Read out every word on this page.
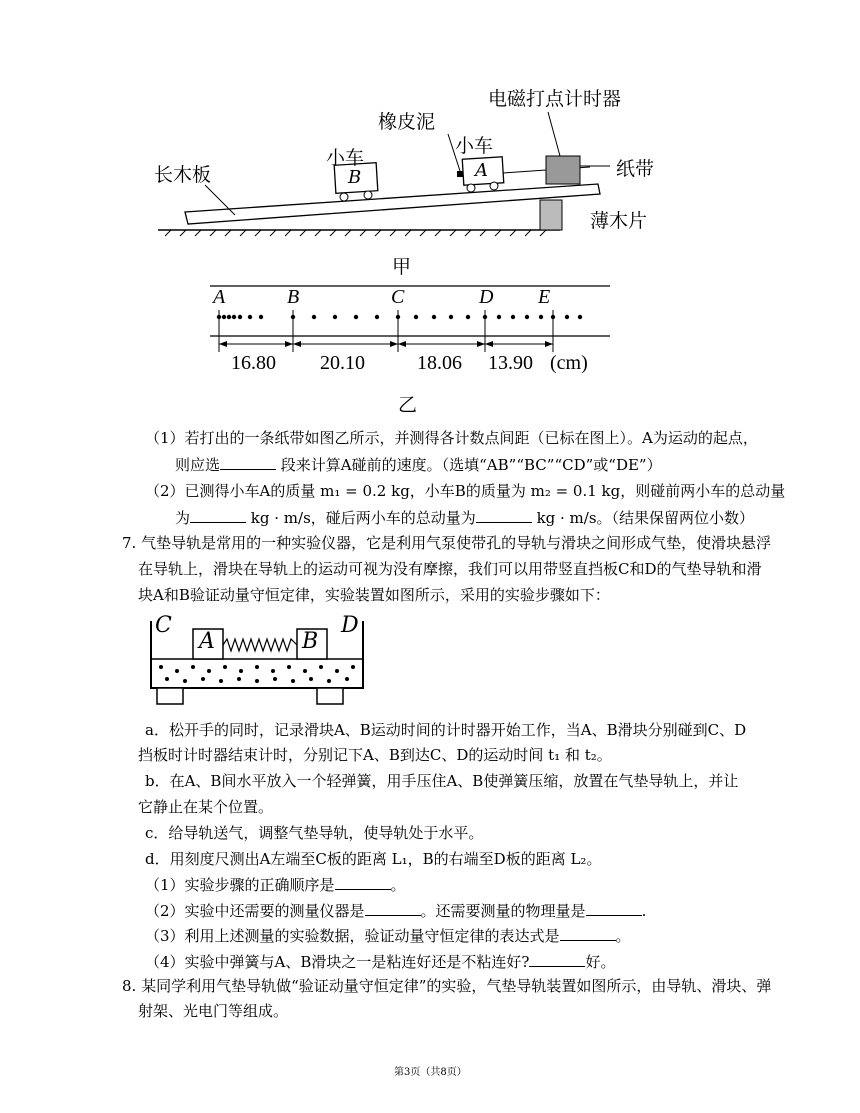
电磁打点计时器
橡皮泥
小车
小车
长木板	纸带
薄木片
B	A
甲
A	B	C	D E
16.80 20.10	18.06 13.90 (cm)
乙
（1）若打出的一条纸带如图乙所示，并测得各计数点间距（已标在图上）。A为运动的起点，
则应选	段来计算A碰前的速度。（选填“AB”“BC”“CD”或“DE”）
（2）已测得小车A的质量 m₁ = 0.2 kg，小车B的质量为 m₂ = 0.1 kg，则碰前两小车的总动量
为	kg · m/s，碰后两小车的总动量为	kg · m/s。（结果保留两位小数）
7. 气垫导轨是常用的一种实验仪器，它是利用气泵使带孔的导轨与滑块之间形成气垫，使滑块悬浮
在导轨上，滑块在导轨上的运动可视为没有摩擦，我们可以用带竖直挡板C和D的气垫导轨和滑
块A和B验证动量守恒定律，实验装置如图所示，采用的实验步骤如下：
C
A	B
D
a．松开手的同时，记录滑块A、B运动时间的计时器开始工作，当A、B滑块分别碰到C、D
挡板时计时器结束计时，分别记下A、B到达C、D的运动时间 t₁ 和 t₂。
b．在A、B间水平放入一个轻弹簧，用手压住A、B使弹簧压缩，放置在气垫导轨上，并让
它静止在某个位置。
c．给导轨送气，调整气垫导轨，使导轨处于水平。
d．用刻度尺测出A左端至C板的距离 L₁，B的右端至D板的距离 L₂。
（1）实验步骤的正确顺序是	。
（2）实验中还需要的测量仪器是	。还需要测量的物理量是	.
（3）利用上述测量的实验数据，验证动量守恒定律的表达式是	。
（4）实验中弹簧与A、B滑块之一是粘连好还是不粘连好?	好。
8. 某同学利用气垫导轨做“验证动量守恒定律”的实验，气垫导轨装置如图所示，由导轨、滑块、弹
射架、光电门等组成。
第3页（共8页）
